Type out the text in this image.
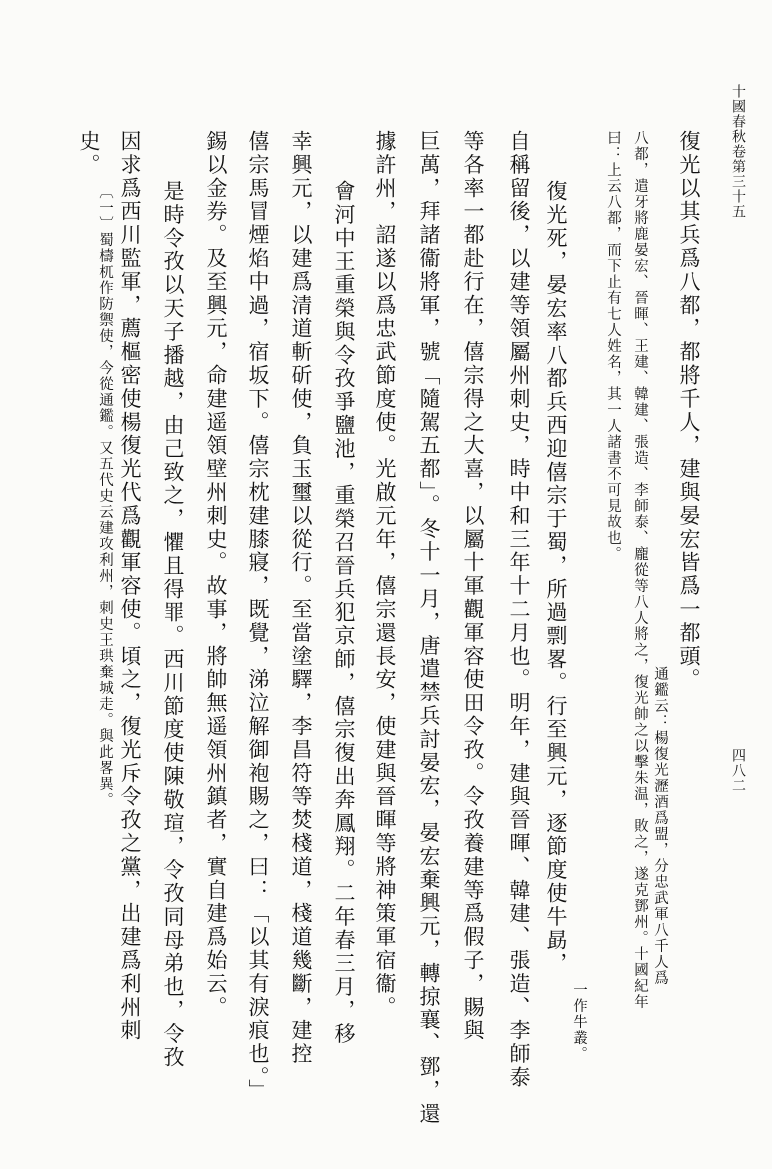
十國春秋卷第三十五
四八二
復光以其兵爲八都，都將千人，建與晏宏皆爲一都頭。
通鑑云：楊復光瀝酒爲盟，分忠武軍八千人爲
八都，遣牙將鹿晏宏、晉暉、王建、韓建、張造、李師泰、龐從等八人將之，復光帥之以擊朱温，敗之，遂克鄧州。十國紀年
曰：上云八都，而下止有七人姓名，其一人諸書不可見故也。
復光死，晏宏率八都兵西迎僖宗于蜀，所過剽畧。行至興元，逐節度使牛勗，
自稱留後，以建等領屬州刺史，時中和三年十二月也。明年，建與晉暉、韓建、張造、李師泰	一作牛叢。
等各率一都赴行在，僖宗得之大喜，以屬十軍觀軍容使田令孜。令孜養建等爲假子，賜與
巨萬，拜諸衞將軍，號「隨駕五都」。冬十一月，唐遣禁兵討晏宏，晏宏棄興元，轉掠襄、鄧，還
據許州，詔遂以爲忠武節度使。光啟元年，僖宗還長安，使建與晉暉等將神策軍宿衞。
會河中王重榮與令孜爭鹽池，重榮召晉兵犯京師，僖宗復出奔鳳翔。二年春三月，移
幸興元，以建爲清道斬斫使，負玉璽以從行。至當塗驛，李昌符等焚棧道，棧道幾斷，建控
僖宗馬冒煙焰中過，宿坂下。僖宗枕建膝寢，既覺，涕泣解御袍賜之，曰：「以其有淚痕也。」
錫以金券。及至興元，命建遥領壁州刺史。故事，將帥無遥領州鎮者，實自建爲始云。
是時令孜以天子播越，由己致之，懼且得罪。西川節度使陳敬瑄，令孜同母弟也，令孜
因求爲西川監軍，薦樞密使楊復光代爲觀軍容使。頃之，復光斥令孜之黨，出建爲利州刺
史。
〔一〕蜀檮杌作防禦使，今從通鑑。又五代史云建攻利州，刺史王珙棄城走。與此畧異。
